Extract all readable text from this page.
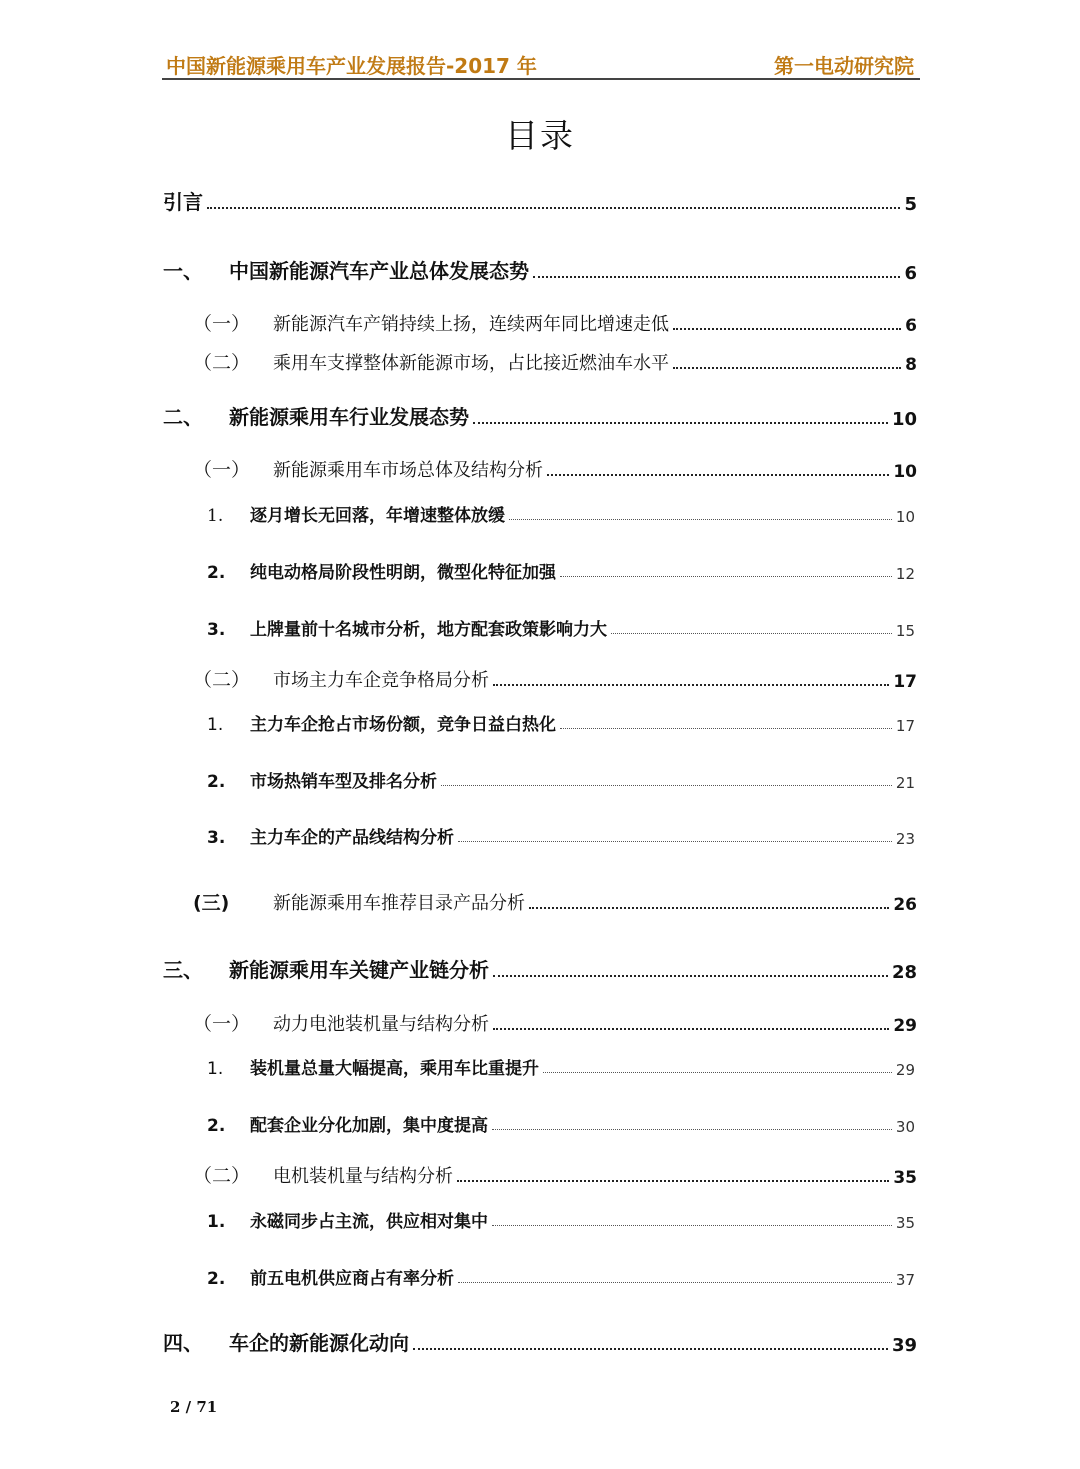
中国新能源乘用车产业发展报告-2017 年	第一电动研究院
目录
引言	5
一、	中国新能源汽车产业总体发展态势	6
（一）	新能源汽车产销持续上扬，连续两年同比增速走低	6
（二）	乘用车支撑整体新能源市场，占比接近燃油车水平	8
二、	新能源乘用车行业发展态势	10
（一）	新能源乘用车市场总体及结构分析	10
1.	逐月增长无回落，年增速整体放缓	10
2.	纯电动格局阶段性明朗，微型化特征加强	12
3.	上牌量前十名城市分析，地方配套政策影响力大	15
（二）	市场主力车企竞争格局分析	17
1.	主力车企抢占市场份额，竞争日益白热化	17
2.	市场热销车型及排名分析	21
3.	主力车企的产品线结构分析	23
(三)	新能源乘用车推荐目录产品分析	26
三、	新能源乘用车关键产业链分析	28
（一）	动力电池装机量与结构分析	29
1.	装机量总量大幅提高，乘用车比重提升	29
2.	配套企业分化加剧，集中度提高	30
（二）	电机装机量与结构分析	35
1.	永磁同步占主流，供应相对集中	35
2.	前五电机供应商占有率分析	37
四、	车企的新能源化动向	39
2 / 71
